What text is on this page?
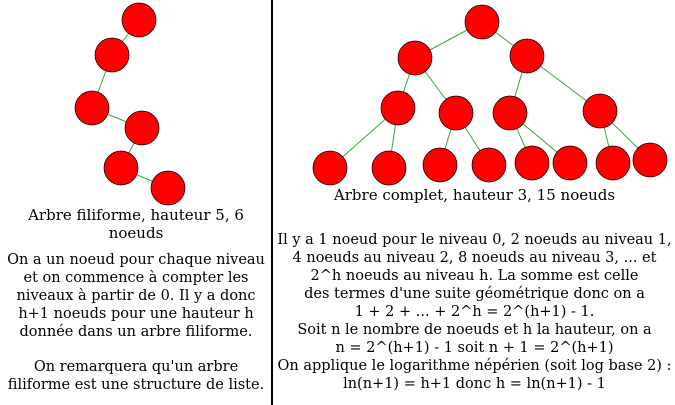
Arbre filiforme, hauteur 5, 6 noeuds
On a un noeud pour chaque niveau
et on commence à compter les
niveaux à partir de 0. Il y a donc
h+1 noeuds pour une hauteur h
donnée dans un arbre filiforme.
On remarquera qu'un arbre
filiforme est une structure de liste.
Arbre complet, hauteur 3, 15 noeuds
Il y a 1 noeud pour le niveau 0, 2 noeuds au niveau 1,
4 noeuds au niveau 2, 8 noeuds au niveau 3, ... et
2^h noeuds au niveau h. La somme est celle
des termes d'une suite géométrique donc on a
1 + 2 + ... + 2^h = 2^(h+1) - 1.
Soit n le nombre de noeuds et h la hauteur, on a
n = 2^(h+1) - 1 soit n + 1 = 2^(h+1)
On applique le logarithme népérien (soit log base 2) :
ln(n+1) = h+1 donc h = ln(n+1) - 1
